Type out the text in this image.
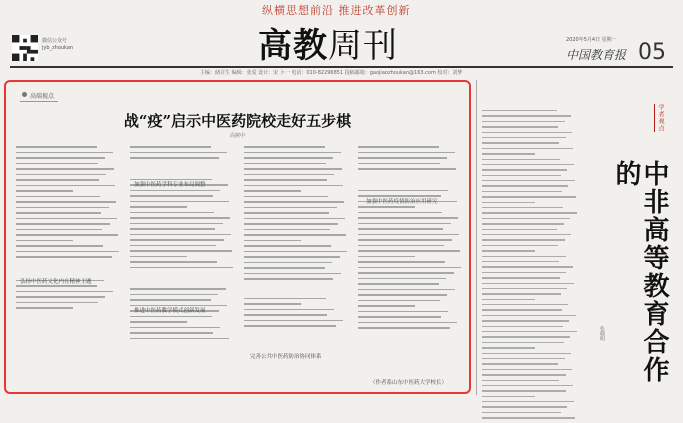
纵横思想前沿 推进改革创新
微信公众号 jyb_zhoukan	高教周刊	2020年5月4日 星期一
中国教育报 05
主编：储召生 编辑：张爱 设计：宋 卜一 电话：010-82296851 投稿邮箱：gaojiaozhoukan@163.com 校对：刘梦
高端视点
战“疫”启示中医药院校走好五步棋
高树中
弘扬中医药文化内在精神主题
加强中医药学科专业布局调整
推进中医药教学模式创新发展
加强中医药疫情防治应用研究
完善公共中医药防治协同体系
（作者系山东中医药大学校长）
学者观点
中非高等教育合作的
张晓明
